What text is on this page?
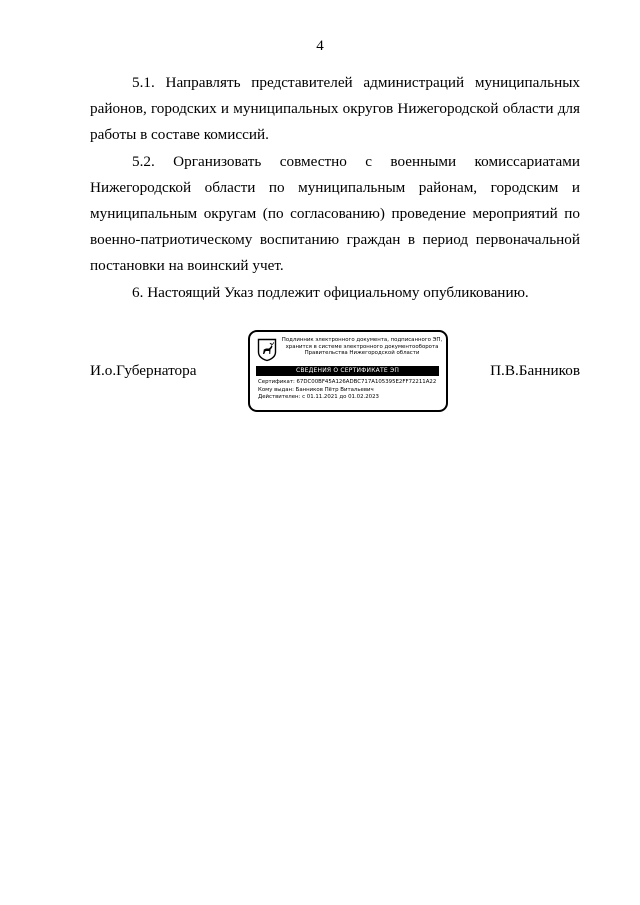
4

5.1. Направлять представителей администраций муниципальных районов, городских и муниципальных округов Нижегородской области для работы в составе комиссий.

5.2. Организовать совместно с военными комиссариатами Нижегородской области по муниципальным районам, городским и муниципальным округам (по согласованию) проведение мероприятий по военно-патриотическому воспитанию граждан в период первоначальной постановки на воинский учет.

6. Настоящий Указ подлежит официальному опубликованию.

И.о.Губернатора
Подлинник электронного документа, подписанного ЭП, хранится в системе электронного документооборота Правительства Нижегородской области
СВЕДЕНИЯ О СЕРТИФИКАТЕ ЭП
Сертификат: 67DC00BF45A126ADBC717A105395E2FF72211A22
Кому выдан: Банников Пётр Витальевич
Действителен: с 01.11.2021 до 01.02.2023
П.В.Банников
